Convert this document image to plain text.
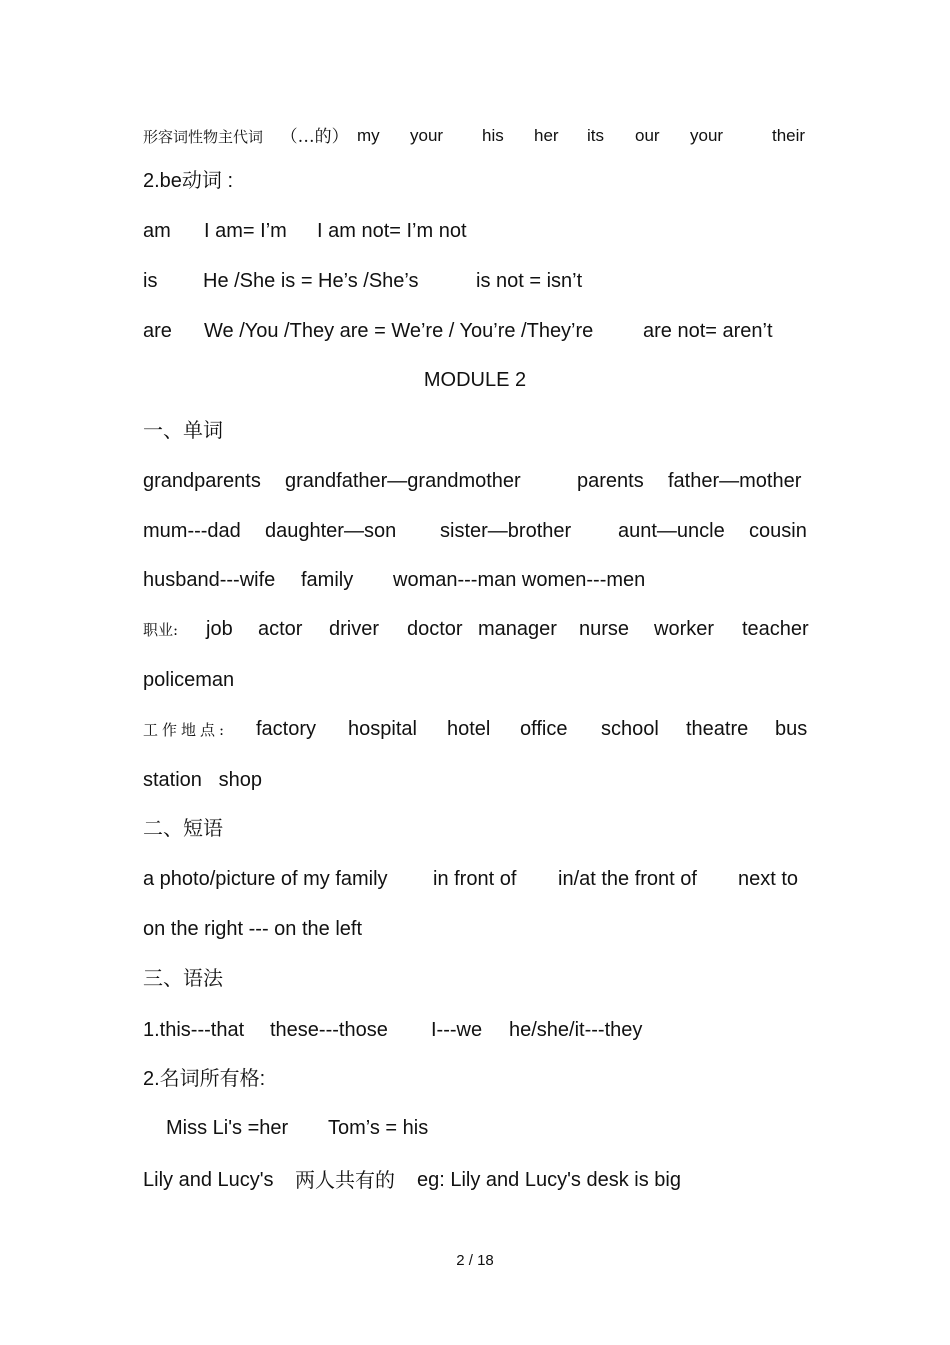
形容词性物主代词 （…的） my your his her its our your	their
2.be动词 :
am I am= I’m I am not= I’m not
is He /She is = He’s /She’s	is not = isn’t
are We /You /They are = We’re / You’re /They’re are not= aren’t
MODULE 2
一、单词
grandparents grandfather—grandmother	parents father—mother
mum---dad daughter—son sister—brother aunt—uncle cousin
husband---wife family woman---man women---men
职业: job actor driver doctor manager nurse worker teacher
policeman
工作地点: factory hospital hotel office school theatre bus
station   shop
二、短语
a photo/picture of my family in front of in/at the front of next to
on the right --- on the left
三、语法
1.this---that these---those I---we he/she/it---they
2.名词所有格:
Miss Li's =her Tom’s = his
Lily and Lucy's 两人共有的 eg: Lily and Lucy's desk is big
2 / 18
